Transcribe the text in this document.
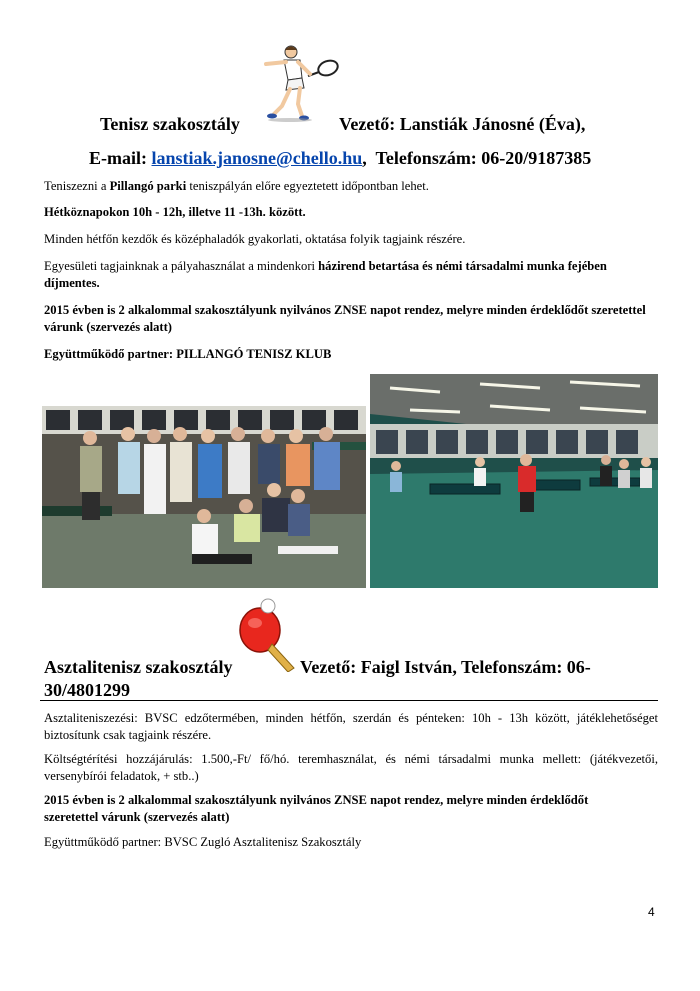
Tenisz szakosztály	Vezető: Lanstiák Jánosné (Éva),
E-mail: lanstiak.janosne@chello.hu, Telefonszám: 06-20/9187385

Teniszezni a Pillangó parki teniszpályán előre egyeztetett időpontban lehet.

Hétköznapokon 10h - 12h, illetve 11 -13h. között.

Minden hétfőn kezdők és középhaladók gyakorlati, oktatása folyik tagjaink részére.

Egyesületi tagjainknak a pályahasználat a mindenkori házirend betartása és némi társadalmi munka fejében díjmentes.

2015 évben is 2 alkalommal szakosztályunk nyilvános ZNSE napot rendez, melyre minden érdeklődőt szeretettel várunk (szervezés alatt)

Együttműködő partner: PILLANGÓ TENISZ KLUB

Asztalitenisz szakosztály	Vezető: Faigl István, Telefonszám: 06-
30/4801299

Asztaliteniszezési: BVSC edzőtermében, minden hétfőn, szerdán és pénteken: 10h - 13h között, játéklehetőséget biztosítunk csak tagjaink részére.

Költségtérítési hozzájárulás: 1.500,-Ft/ fő/hó. teremhasználat, és némi társadalmi munka mellett: (játékvezetői, versenybírói feladatok, + stb..)

2015 évben is 2 alkalommal szakosztályunk nyilvános ZNSE napot rendez, melyre minden érdeklődőt szeretettel várunk (szervezés alatt)

Együttműködő partner: BVSC Zugló Asztalitenisz Szakosztály

4
